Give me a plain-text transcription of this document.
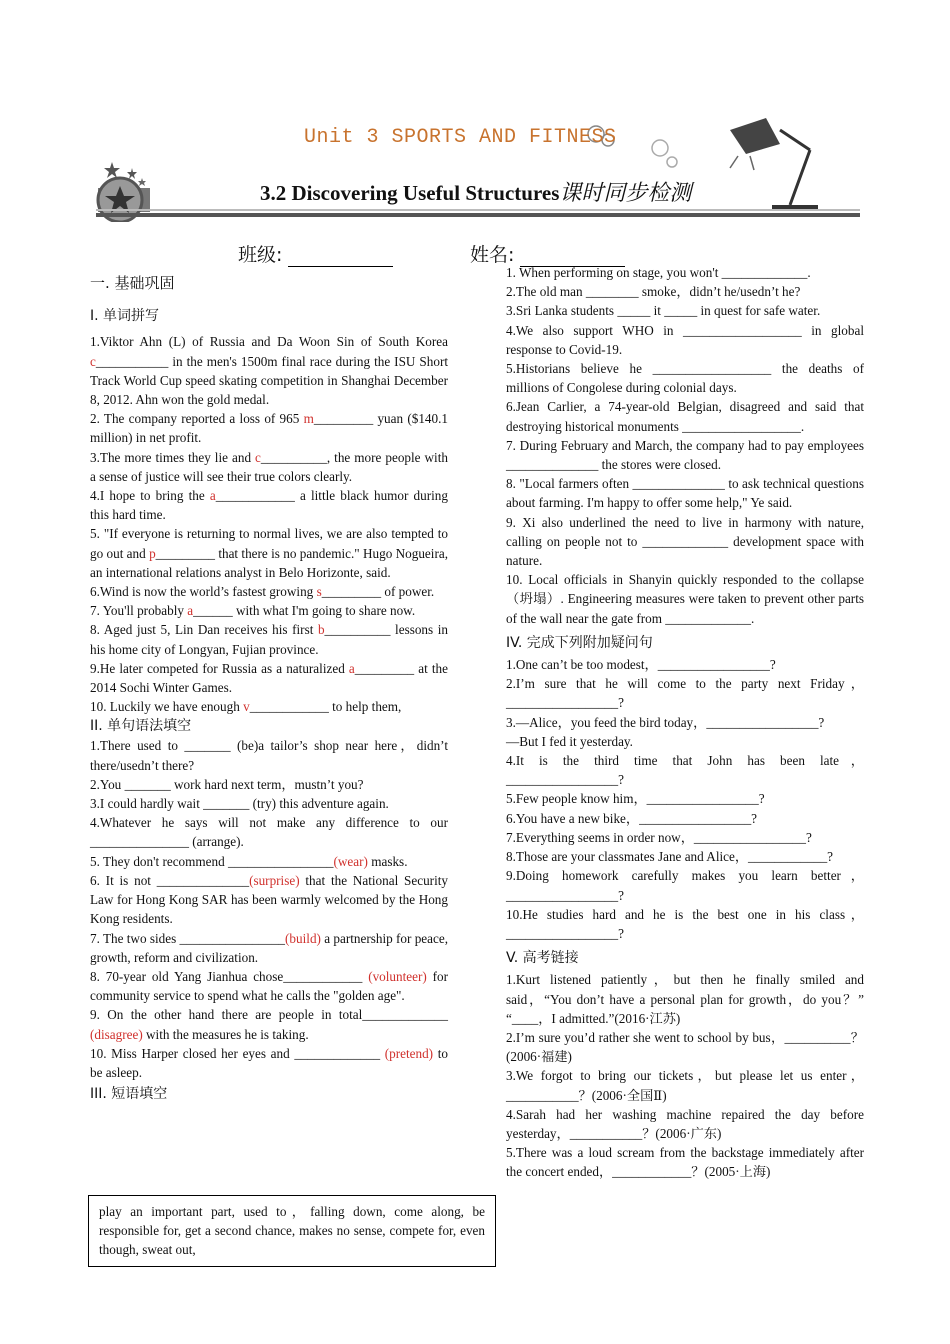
Unit 3 SPORTS AND FITNESS
3.2 Discovering Useful Structures课时同步检测
班级:	姓名:

一. 基础巩固

I. 单词拼写

1.Viktor Ahn (L) of Russia and Da Woon Sin of South Korea c___________ in the men's 1500m final race during the ISU Short Track World Cup speed skating competition in Shanghai December 8, 2012. Ahn won the gold medal.

2. The company reported a loss of 965 m_________ yuan ($140.1 million) in net profit.

3.The more times they lie and c__________, the more people with a sense of justice will see their true colors clearly.

4.I hope to bring the a____________ a little black humor during this hard time.

5. "If everyone is returning to normal lives, we are also tempted to go out and p_________ that there is no pandemic." Hugo Nogueira, an international relations analyst in Belo Horizonte, said.

6.Wind is now the world’s fastest growing s_________ of power.

7. You'll probably a______ with what I'm going to share now.

8. Aged just 5, Lin Dan receives his first b__________ lessons in his home city of Longyan, Fujian province.

9.He later competed for Russia as a naturalized a_________ at the 2014 Sochi Winter Games.

10. Luckily we have enough v____________ to help them,

II. 单句语法填空

1.There used to _______ (be)a tailor’s shop near here，didn’t there/usedn’t there?

2.You _______ work hard next term，mustn’t you?

3.I could hardly wait _______ (try) this adventure again.

4.Whatever he says will not make any difference to our _______________ (arrange).

5. They don't recommend ________________(wear) masks.

6. It is not ______________(surprise) that the National Security Law for Hong Kong SAR has been warmly welcomed by the Hong Kong residents.

7. The two sides ________________(build) a partnership for peace, growth, reform and civilization.

8. 70-year old Yang Jianhua chose____________ (volunteer) for community service to spend what he calls the "golden age".

9. On the other hand there are people in total_____________ (disagree) with the measures he is taking.

10. Miss Harper closed her eyes and _____________ (pretend) to be asleep.

III. 短语填空

play an important part, used to，falling down, come along, be responsible for, get a second chance, makes no sense, compete for, even though, sweat out,

1. When performing on stage, you won't _____________.

2.The old man ________ smoke，didn’t he/usedn’t he?

3.Sri Lanka students _____ it _____ in quest for safe water.

4.We also support WHO in __________________ in global response to Covid-19.

5.Historians believe he __________________ the deaths of millions of Congolese during colonial days.

6.Jean Carlier, a 74-year-old Belgian, disagreed and said that destroying historical monuments __________________.

7. During February and March, the company had to pay employees ______________ the stores were closed.

8. "Local farmers often ______________ to ask technical questions about farming. I'm happy to offer some help," Ye said.

9. Xi also underlined the need to live in harmony with nature, calling on people not to _____________ development space with nature.

10. Local officials in Shanyin quickly responded to the collapse（坍塌）. Engineering measures were taken to prevent other parts of the wall near the gate from _____________.

IV. 完成下列附加疑问句

1.One can’t be too modest，_________________?

2.I’m sure that he will come to the party next Friday，_________________?

3.—Alice，you feed the bird today，_________________?

—But I fed it yesterday.

4.It is the third time that John has been late，_________________?

5.Few people know him，_________________?

6.You have a new bike，_________________?

7.Everything seems in order now，_________________?

8.Those are your classmates Jane and Alice，____________?

9.Doing homework carefully makes you learn better，_________________?

10.He studies hard and he is the best one in his class，_________________?

V. 高考链接

1.Kurt listened patiently，but then he finally smiled and said，“You don’t have a personal plan for growth，do you？” “____，I admitted.”(2016·江苏)

2.I’m sure you’d rather she went to school by bus，__________？(2006·福建)

3.We forgot to bring our tickets，but please let us enter，___________？(2006·全国Ⅱ)

4.Sarah had her washing machine repaired the day before yesterday，___________？(2006·广东)

5.There was a loud scream from the backstage immediately after the concert ended，____________？(2005·上海)
